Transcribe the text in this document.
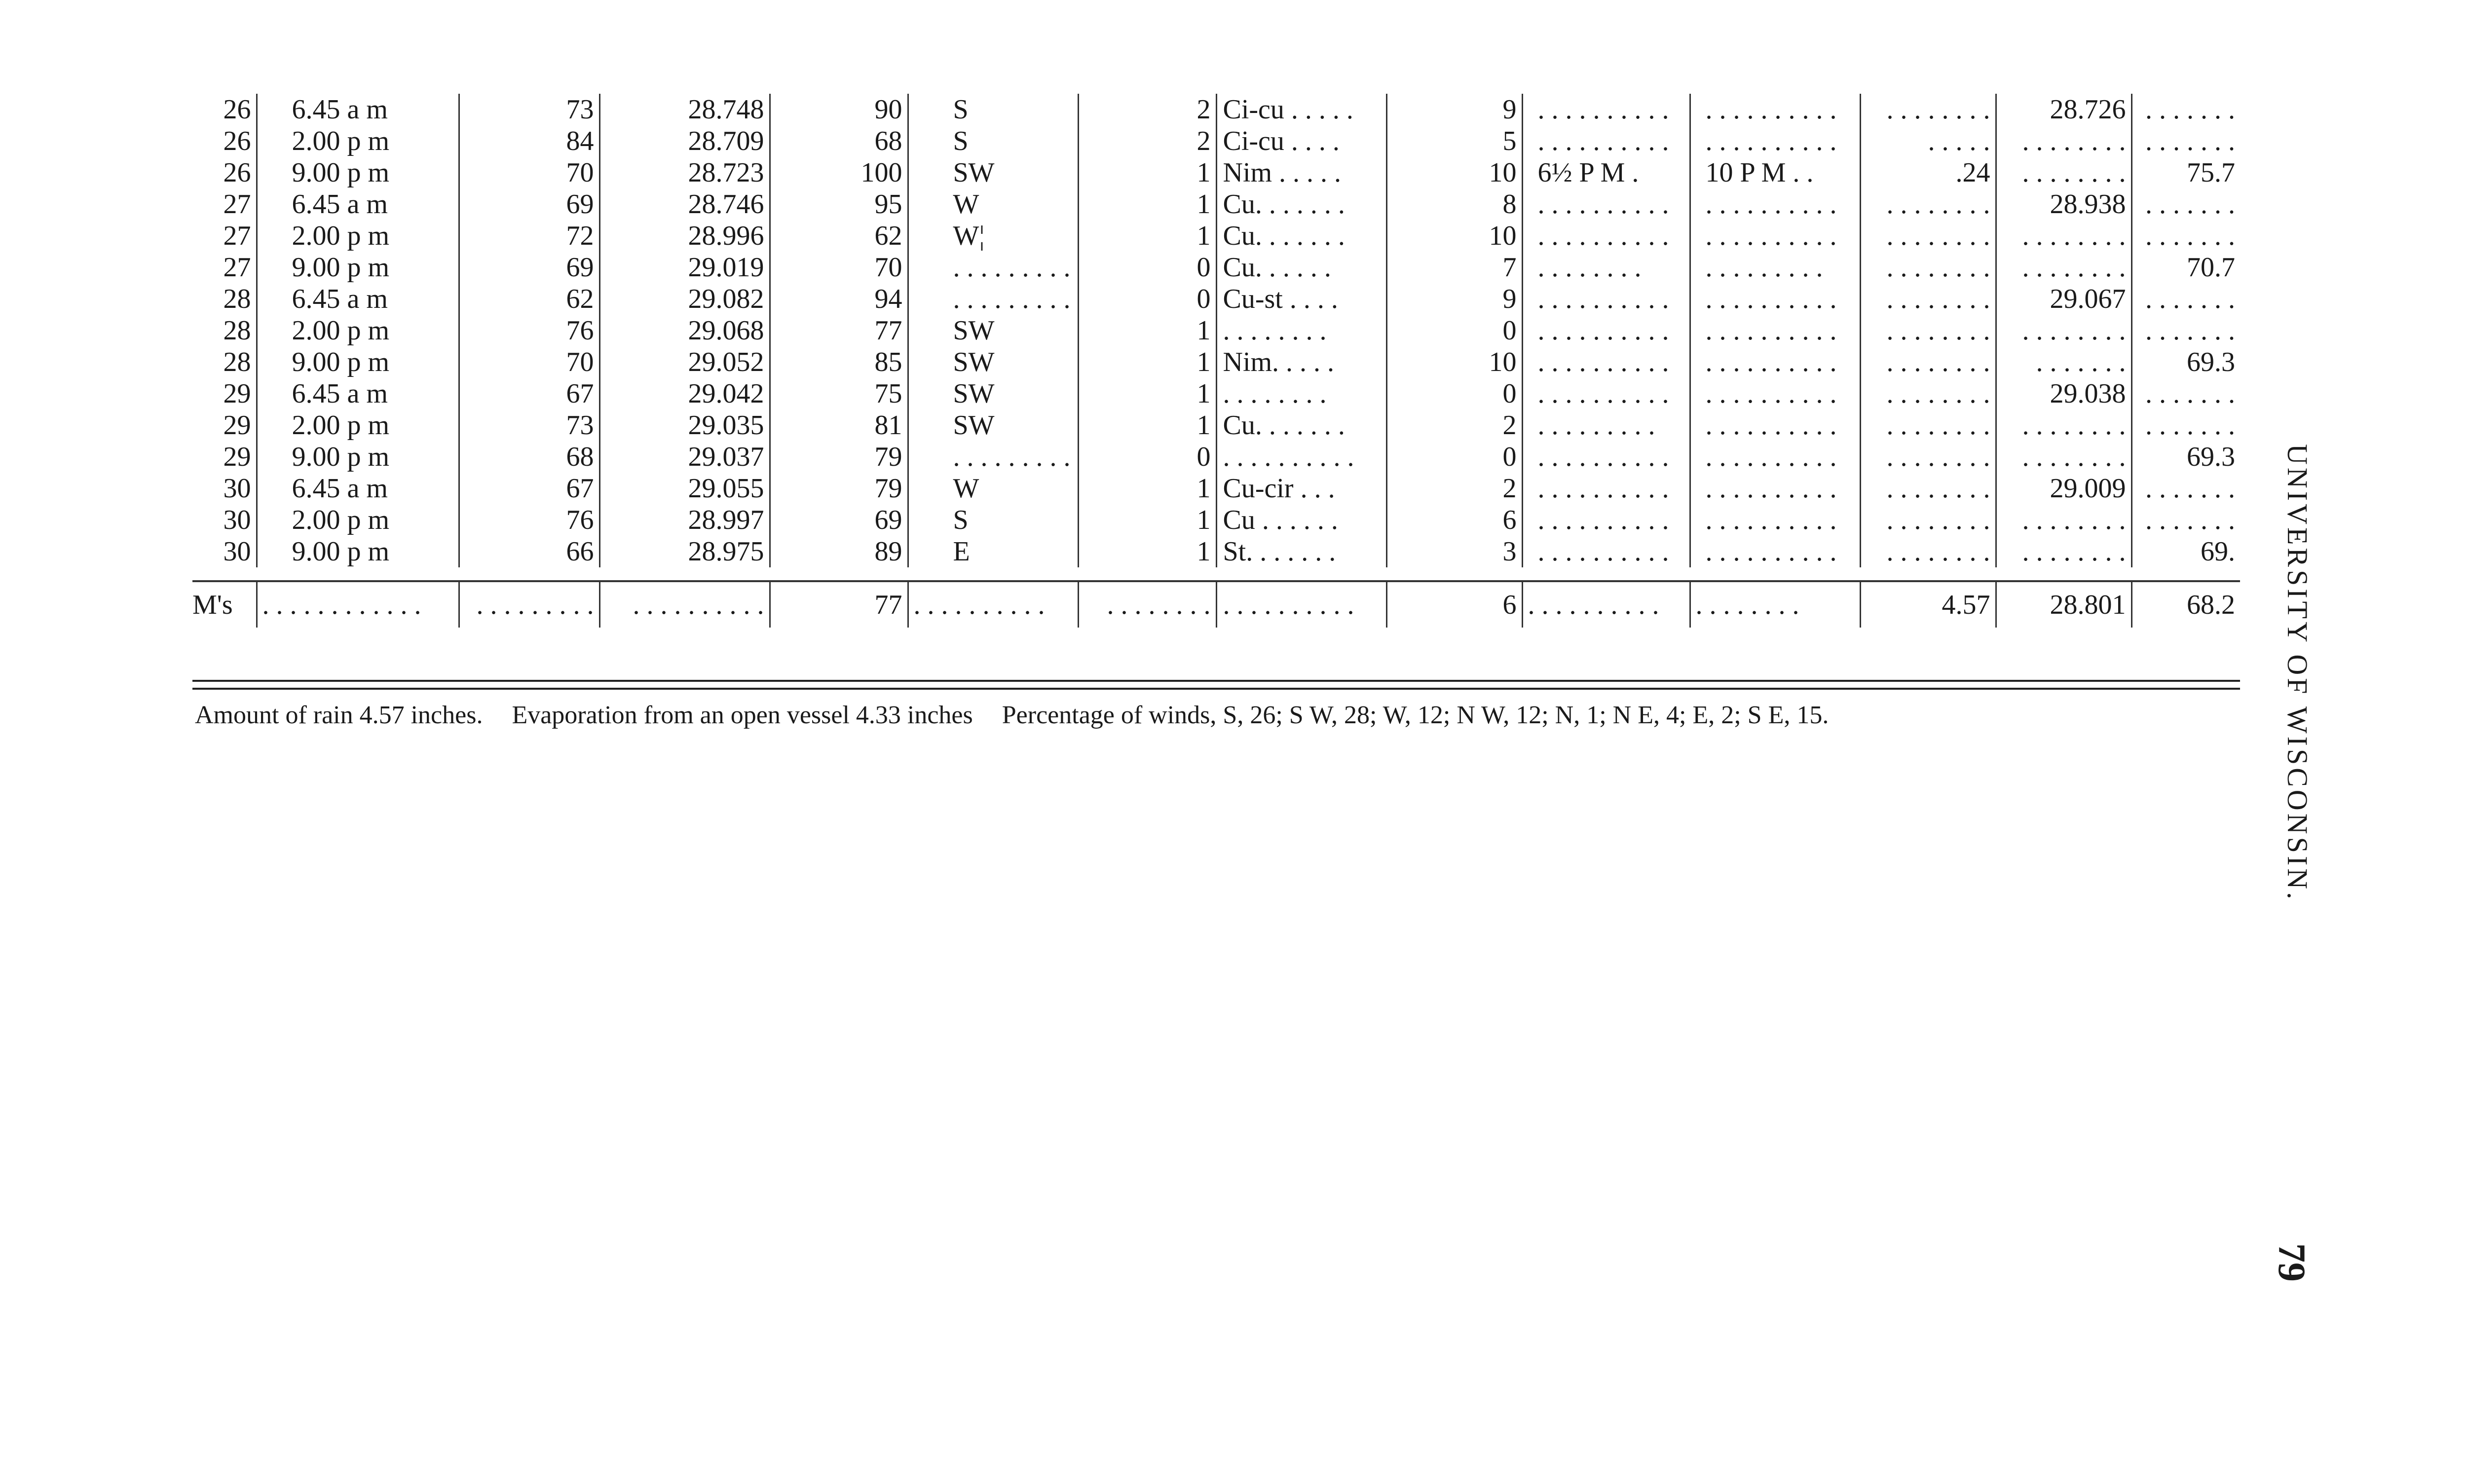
26	6.45 a m	73	28.748	90	S	2	Ci-cu . . . . .	9	. . . . . . . . . .	. . . . . . . . . .	. . . . . . . .	28.726	. . . . . . .
26	2.00 p m	84	28.709	68	S	2	Ci-cu . . . .	5	. . . . . . . . . .	. . . . . . . . . .	. . . . .	. . . . . . . .	. . . . . . .
26	9.00 p m	70	28.723	100	SW	1	Nim . . . . .	10	6½ P M .	10 P M . .	.24	. . . . . . . .	75.7
27	6.45 a m	69	28.746	95	W	1	Cu. . . . . . .	8	. . . . . . . . . .	. . . . . . . . . .	. . . . . . . .	28.938	. . . . . . .
27	2.00 p m	72	28.996	62	W¦	1	Cu. . . . . . .	10	. . . . . . . . . .	. . . . . . . . . .	. . . . . . . .	. . . . . . . .	. . . . . . .
27	9.00 p m	69	29.019	70	. . . . . . . . .	0	Cu. . . . . .	7	. . . . . . . .	. . . . . . . . .	. . . . . . . .	. . . . . . . .	70.7
28	6.45 a m	62	29.082	94	. . . . . . . . .	0	Cu-st . . . .	9	. . . . . . . . . .	. . . . . . . . . .	. . . . . . . .	29.067	. . . . . . .
28	2.00 p m	76	29.068	77	SW	1	. . . . . . . .	0	. . . . . . . . . .	. . . . . . . . . .	. . . . . . . .	. . . . . . . .	. . . . . . .
28	9.00 p m	70	29.052	85	SW	1	Nim. . . . .	10	. . . . . . . . . .	. . . . . . . . . .	. . . . . . . .	. . . . . . .	69.3
29	6.45 a m	67	29.042	75	SW	1	. . . . . . . .	0	. . . . . . . . . .	. . . . . . . . . .	. . . . . . . .	29.038	. . . . . . .
29	2.00 p m	73	29.035	81	SW	1	Cu. . . . . . .	2	. . . . . . . . .	. . . . . . . . . .	. . . . . . . .	. . . . . . . .	. . . . . . .
29	9.00 p m	68	29.037	79	. . . . . . . . .	0	. . . . . . . . . .	0	. . . . . . . . . .	. . . . . . . . . .	. . . . . . . .	. . . . . . . .	69.3
30	6.45 a m	67	29.055	79	W	1	Cu-cir . . .	2	. . . . . . . . . .	. . . . . . . . . .	. . . . . . . .	29.009	. . . . . . .
30	2.00 p m	76	28.997	69	S	1	Cu . . . . . .	6	. . . . . . . . . .	. . . . . . . . . .	. . . . . . . .	. . . . . . . .	. . . . . . .
30	9.00 p m	66	28.975	89	E	1	St. . . . . . .	3	. . . . . . . . . .	. . . . . . . . . .	. . . . . . . .	. . . . . . . .	69.

M's	. . . . . . . . . . . .	. . . . . . . . .	. . . . . . . . . .	77	. . . . . . . . . .	. . . . . . . .	. . . . . . . . . .	6	. . . . . . . . . .	. . . . . . . .	4.57	28.801	68.2
Amount of rain 4.57 inches. Evaporation from an open vessel 4.33 inches Percentage of winds, S, 26; S W, 28; W, 12; N W, 12; N, 1; N E, 4; E, 2; S E, 15.	UNIVERSITY OF WISCONSIN.
79
